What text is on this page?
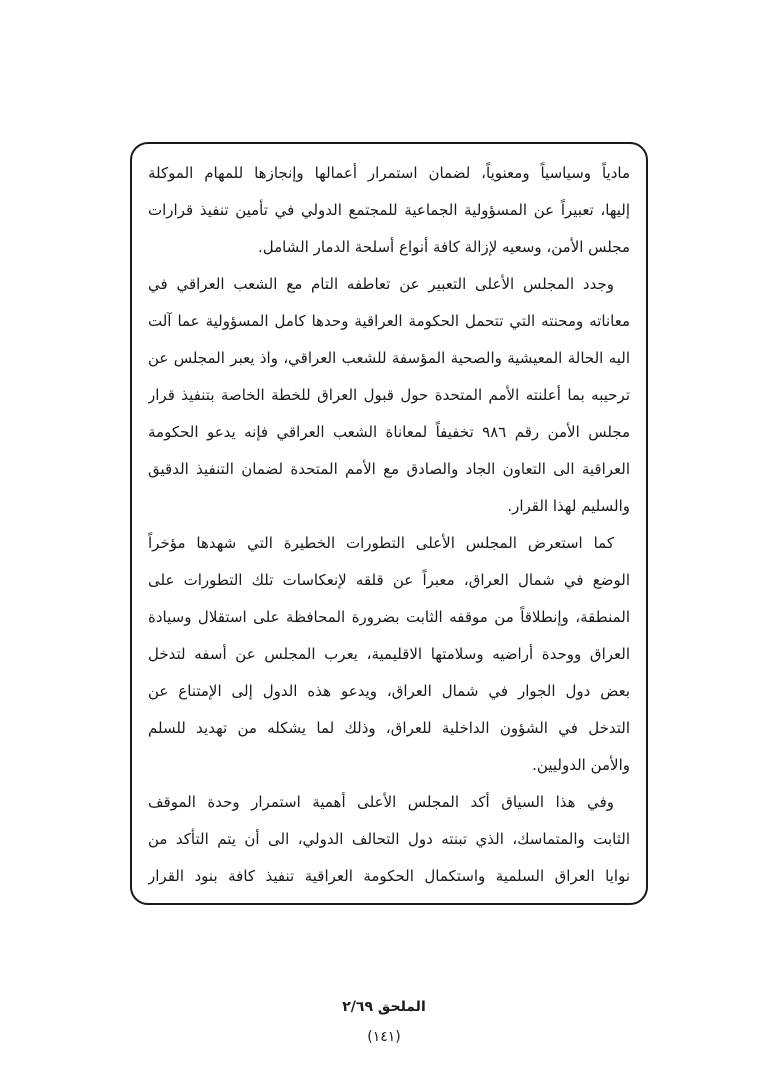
مادياً وسياسياً ومعنوياً، لضمان استمرار أعمالها وإنجازها للمهام الموكلة
إليها، تعبيراً عن المسؤولية الجماعية للمجتمع الدولي في تأمين تنفيذ قرارات
مجلس الأمن، وسعيه لإزالة كافة أنواع أسلحة الدمار الشامل.
وجدد المجلس الأعلى التعبير عن تعاطفه التام مع الشعب العراقي في
معاناته ومحنته التي تتحمل الحكومة العراقية وحدها كامل المسؤولية عما آلت
اليه الحالة المعيشية والصحية المؤسفة للشعب العراقي، واذ يعبر المجلس عن
ترحيبه بما أعلنته الأمم المتحدة حول قبول العراق للخطة الخاصة بتنفيذ قرار
مجلس الأمن رقم ٩٨٦ تخفيفاً لمعاناة الشعب العراقي فإنه يدعو الحكومة
العراقية الى التعاون الجاد والصادق مع الأمم المتحدة لضمان التنفيذ الدقيق
والسليم لهذا القرار.
كما استعرض المجلس الأعلى التطورات الخطيرة التي شهدها مؤخراً
الوضع في شمال العراق، معبراً عن قلقه لإنعكاسات تلك التطورات على
المنطقة، وإنطلاقاً من موقفه الثابت بضرورة المحافظة على استقلال وسيادة
العراق ووحدة أراضيه وسلامتها الاقليمية، يعرب المجلس عن أسفه لتدخل
بعض دول الجوار في شمال العراق، ويدعو هذه الدول إلى الإمتناع عن
التدخل في الشؤون الداخلية للعراق، وذلك لما يشكله من تهديد للسلم
والأمن الدوليين.
وفي هذا السياق أكد المجلس الأعلى أهمية استمرار وحدة الموقف
الثابت والمتماسك، الذي تبنته دول التحالف الدولي، الى أن يتم التأكد من
نوايا العراق السلمية واستكمال الحكومة العراقية تنفيذ كافة بنود القرار
الملحق ٢/٦٩
(١٤١)
